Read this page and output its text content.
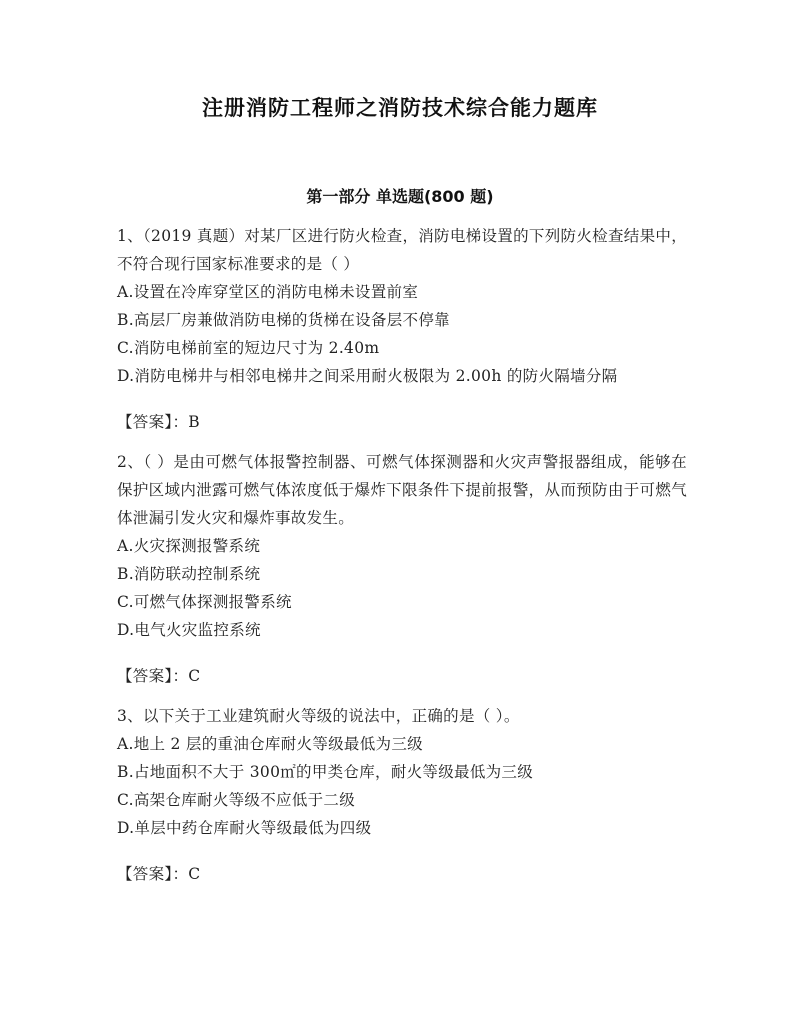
注册消防工程师之消防技术综合能力题库
第一部分 单选题(800 题)

1、（2019 真题）对某厂区进行防火检查，消防电梯设置的下列防火检查结果中，不符合现行国家标准要求的是（ ）

A.设置在冷库穿堂区的消防电梯未设置前室

B.高层厂房兼做消防电梯的货梯在设备层不停靠

C.消防电梯前室的短边尺寸为 2.40m

D.消防电梯井与相邻电梯井之间采用耐火极限为 2.00h 的防火隔墙分隔

【答案】：B

2、（ ）是由可燃气体报警控制器、可燃气体探测器和火灾声警报器组成，能够在保护区域内泄露可燃气体浓度低于爆炸下限条件下提前报警，从而预防由于可燃气体泄漏引发火灾和爆炸事故发生。

A.火灾探测报警系统

B.消防联动控制系统

C.可燃气体探测报警系统

D.电气火灾监控系统

【答案】：C

3、以下关于工业建筑耐火等级的说法中，正确的是（ ）。

A.地上 2 层的重油仓库耐火等级最低为三级

B.占地面积不大于 300㎡的甲类仓库，耐火等级最低为三级

C.高架仓库耐火等级不应低于二级

D.单层中药仓库耐火等级最低为四级

【答案】：C
